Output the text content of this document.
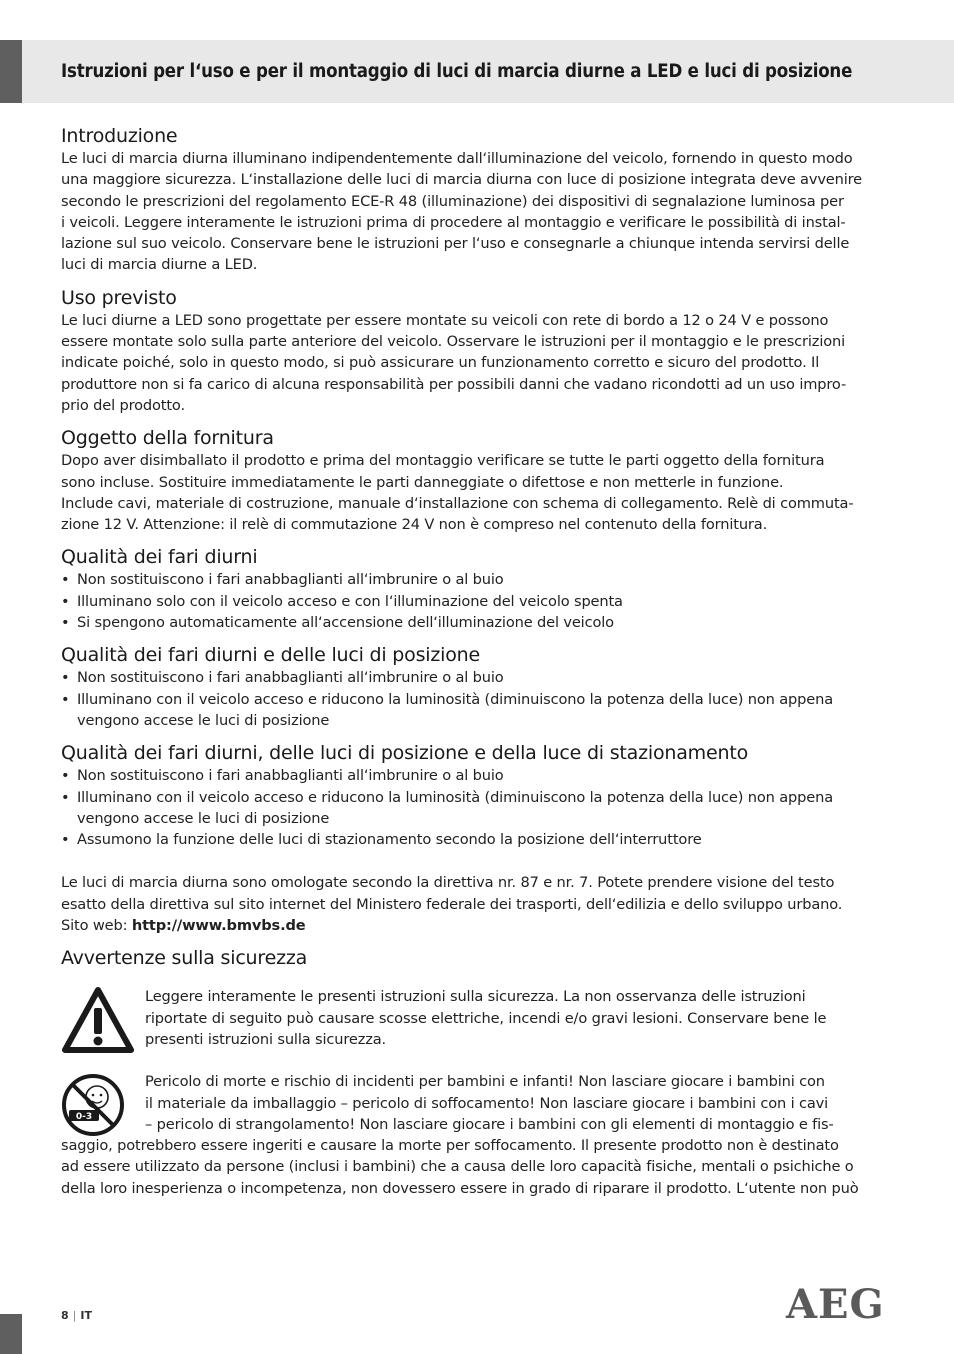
Istruzioni per l‘uso e per il montaggio di luci di marcia diurne a LED e luci di posizione
Introduzione

Le luci di marcia diurna illuminano indipendentemente dall‘illuminazione del veicolo, fornendo in questo modo

una maggiore sicurezza. L‘installazione delle luci di marcia diurna con luce di posizione integrata deve avvenire

secondo le prescrizioni del regolamento ECE-R 48 (illuminazione) dei dispositivi di segnalazione luminosa per

i veicoli. Leggere interamente le istruzioni prima di procedere al montaggio e verificare le possibilità di instal-

lazione sul suo veicolo. Conservare bene le istruzioni per l‘uso e consegnarle a chiunque intenda servirsi delle

luci di marcia diurne a LED.

Uso previsto

Le luci diurne a LED sono progettate per essere montate su veicoli con rete di bordo a 12 o 24 V e possono

essere montate solo sulla parte anteriore del veicolo. Osservare le istruzioni per il montaggio e le prescrizioni

indicate poiché, solo in questo modo, si può assicurare un funzionamento corretto e sicuro del prodotto. Il

produttore non si fa carico di alcuna responsabilità per possibili danni che vadano ricondotti ad un uso impro-

prio del prodotto.

Oggetto della fornitura

Dopo aver disimballato il prodotto e prima del montaggio verificare se tutte le parti oggetto della fornitura

sono incluse. Sostituire immediatamente le parti danneggiate o difettose e non metterle in funzione.

Include cavi, materiale di costruzione, manuale d‘installazione con schema di collegamento. Relè di commuta-

zione 12 V. Attenzione: il relè di commutazione 24 V non è compreso nel contenuto della fornitura.

Qualità dei fari diurni
• Non sostituiscono i fari anabbaglianti all‘imbrunire o al buio
• Illuminano solo con il veicolo acceso e con l‘illuminazione del veicolo spenta
• Si spengono automaticamente all‘accensione dell‘illuminazione del veicolo
Qualità dei fari diurni e delle luci di posizione
• Non sostituiscono i fari anabbaglianti all‘imbrunire o al buio
• Illuminano con il veicolo acceso e riducono la luminosità (diminuiscono la potenza della luce) non appena vengono accese le luci di posizione
Qualità dei fari diurni, delle luci di posizione e della luce di stazionamento
• Non sostituiscono i fari anabbaglianti all‘imbrunire o al buio
• Illuminano con il veicolo acceso e riducono la luminosità (diminuiscono la potenza della luce) non appena vengono accese le luci di posizione
• Assumono la funzione delle luci di stazionamento secondo la posizione dell‘interruttore

Le luci di marcia diurna sono omologate secondo la direttiva nr. 87 e nr. 7. Potete prendere visione del testo

esatto della direttiva sul sito internet del Ministero federale dei trasporti, dell‘edilizia e dello sviluppo urbano.

Sito web: http://www.bmvbs.de

Avvertenze sulla sicurezza

Leggere interamente le presenti istruzioni sulla sicurezza. La non osservanza delle istruzioni

riportate di seguito può causare scosse elettriche, incendi e/o gravi lesioni. Conservare bene le

presenti istruzioni sulla sicurezza.

0-3

Pericolo di morte e rischio di incidenti per bambini e infanti! Non lasciare giocare i bambini con

il materiale da imballaggio – pericolo di soffocamento! Non lasciare giocare i bambini con i cavi

– pericolo di strangolamento! Non lasciare giocare i bambini con gli elementi di montaggio e fis-

saggio, potrebbero essere ingeriti e causare la morte per soffocamento. Il presente prodotto non è destinato

ad essere utilizzato da persone (inclusi i bambini) che a causa delle loro capacità fisiche, mentali o psichiche o

della loro inesperienza o incompetenza, non dovessero essere in grado di riparare il prodotto. L‘utente non può

8 | IT	AEG
